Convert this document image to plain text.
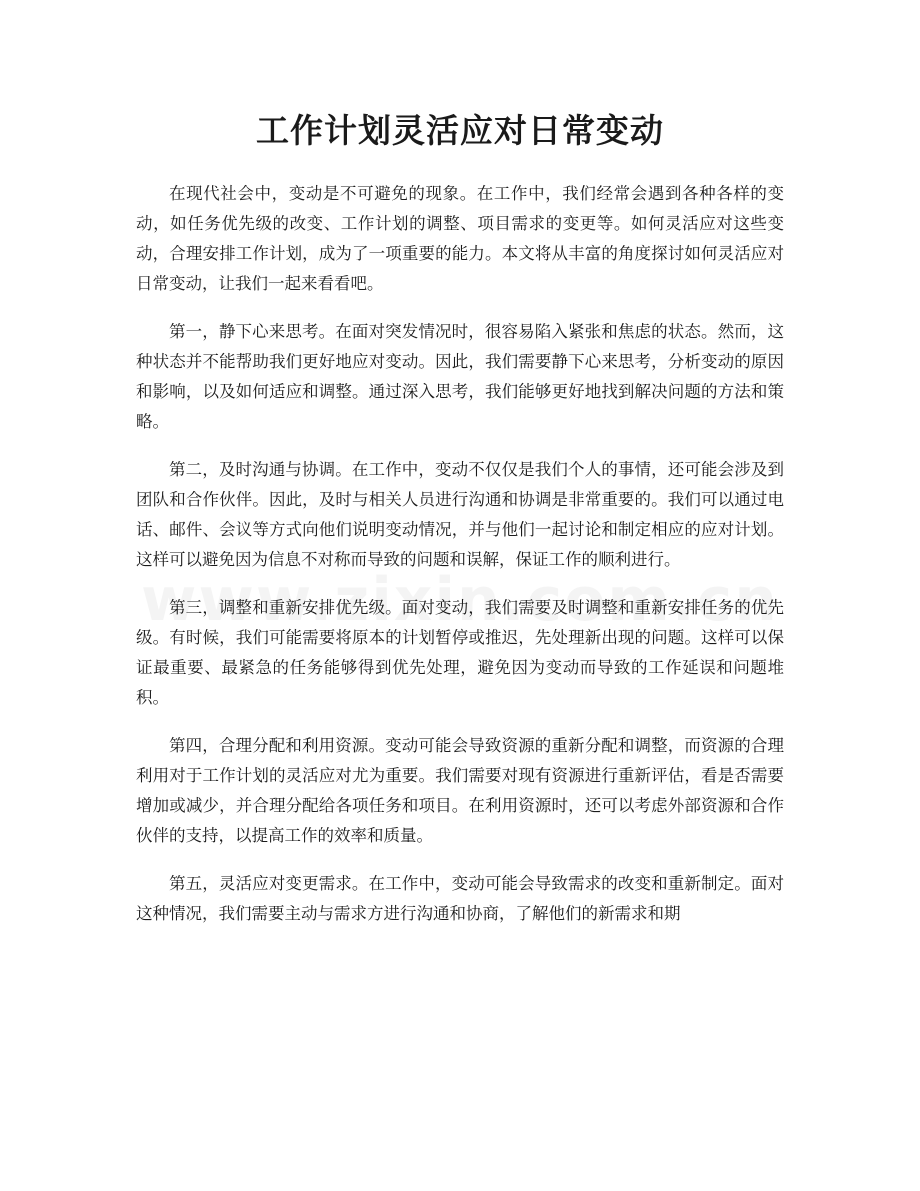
工作计划灵活应对日常变动

在现代社会中，变动是不可避免的现象。在工作中，我们经常会遇到各种各样的变动，如任务优先级的改变、工作计划的调整、项目需求的变更等。如何灵活应对这些变动，合理安排工作计划，成为了一项重要的能力。本文将从丰富的角度探讨如何灵活应对日常变动，让我们一起来看看吧。

第一，静下心来思考。在面对突发情况时，很容易陷入紧张和焦虑的状态。然而，这种状态并不能帮助我们更好地应对变动。因此，我们需要静下心来思考，分析变动的原因和影响，以及如何适应和调整。通过深入思考，我们能够更好地找到解决问题的方法和策略。

第二，及时沟通与协调。在工作中，变动不仅仅是我们个人的事情，还可能会涉及到团队和合作伙伴。因此，及时与相关人员进行沟通和协调是非常重要的。我们可以通过电话、邮件、会议等方式向他们说明变动情况，并与他们一起讨论和制定相应的应对计划。这样可以避免因为信息不对称而导致的问题和误解，保证工作的顺利进行。

第三，调整和重新安排优先级。面对变动，我们需要及时调整和重新安排任务的优先级。有时候，我们可能需要将原本的计划暂停或推迟，先处理新出现的问题。这样可以保证最重要、最紧急的任务能够得到优先处理，避免因为变动而导致的工作延误和问题堆积。

第四，合理分配和利用资源。变动可能会导致资源的重新分配和调整，而资源的合理利用对于工作计划的灵活应对尤为重要。我们需要对现有资源进行重新评估，看是否需要增加或减少，并合理分配给各项任务和项目。在利用资源时，还可以考虑外部资源和合作伙伴的支持，以提高工作的效率和质量。

第五，灵活应对变更需求。在工作中，变动可能会导致需求的改变和重新制定。面对这种情况，我们需要主动与需求方进行沟通和协商，了解他们的新需求和期
